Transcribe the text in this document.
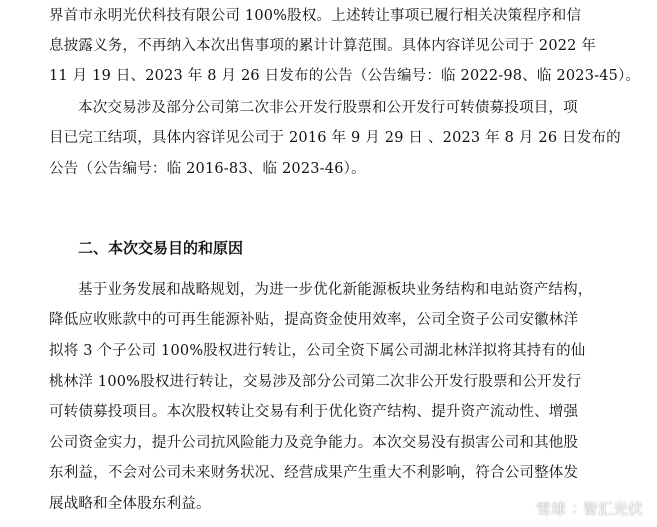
界首市永明光伏科技有限公司 100%股权。上述转让事项已履行相关决策程序和信
息披露义务，不再纳入本次出售事项的累计计算范围。具体内容详见公司于 2022 年
11 月 19 日、2023 年 8 月 26 日发布的公告（公告编号：临 2022-98、临 2023-45）。
本次交易涉及部分公司第二次非公开发行股票和公开发行可转债募投项目，项
目已完工结项，具体内容详见公司于 2016 年 9 月 29 日 、2023 年 8 月 26 日发布的
公告（公告编号：临 2016-83、临 2023-46）。
二、本次交易目的和原因
基于业务发展和战略规划，为进一步优化新能源板块业务结构和电站资产结构，
降低应收账款中的可再生能源补贴，提高资金使用效率，公司全资子公司安徽林洋
拟将 3 个子公司 100%股权进行转让，公司全资下属公司湖北林洋拟将其持有的仙
桃林洋 100%股权进行转让，交易涉及部分公司第二次非公开发行股票和公开发行
可转债募投项目。本次股权转让交易有利于优化资产结构、提升资产流动性、增强
公司资金实力，提升公司抗风险能力及竞争能力。本次交易没有损害公司和其他股
东利益，不会对公司未来财务状况、经营成果产生重大不利影响，符合公司整体发
展战略和全体股东利益。	雪球 : 智汇光伏
